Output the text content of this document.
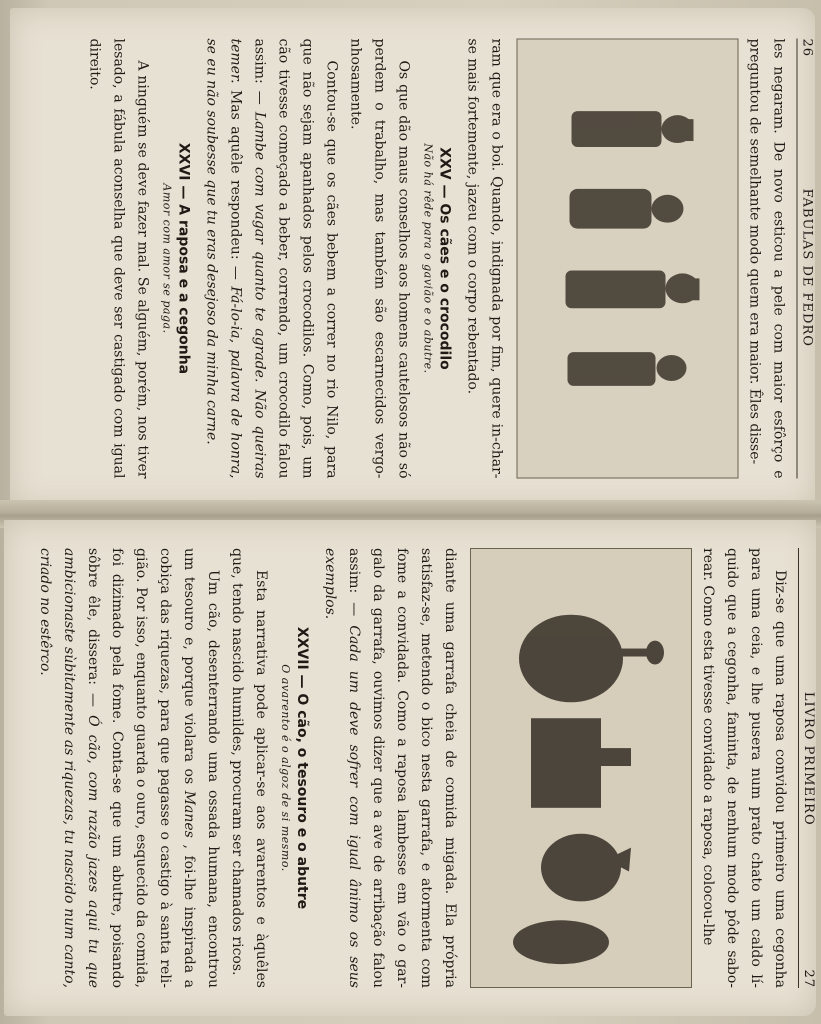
26
FABULAS DE FEDRO

les negaram. De novo esticou a pele com maior esfôrço e preguntou de semelhante modo quem era maior. Êles disse-

ram que era o boi. Quando, indignada por fim, quere in-char-se mais fortemente, jazeu com o corpo rebentado.

XXV — Os cães e o crocodilo
Não há rêde para o gavião e o abutre.

Os que dão maus conselhos aos homens cautelosos não só perdem o trabalho, mas também são escarnecidos vergo-nhosamente.

Contou-se que os cães bebem a correr no rio Nilo, para que não sejam apanhados pelos crocodilos. Como, pois, um cão tivesse começado a beber, correndo, um crocodilo falou assim: — Lambe com vagar quanto te agrade. Não queiras temer. Mas aquêle respondeu: — Fá-lo-ia, palavra de honra, se eu não soubesse que tu eras desejoso da minha carne.

XXVI — A raposa e a cegonha
Amor com amor se paga.

A ninguém se deve fazer mal. Se alguém, porém, nos tiver lesado, a fábula aconselha que deve ser castigado com igual direito.

LIVRO PRIMEIRO
27

Diz-se que uma raposa convidou primeiro uma cegonha para uma ceia, e lhe pusera num prato chato um caldo lí-quido que a cegonha, faminta, de nenhum modo pôde sabo-rear. Como esta tivesse convidado a raposa, colocou-lhe

diante uma garrafa cheia de comida migada. Ela própria satisfaz-se, metendo o bico nesta garrafa, e atormenta com fome a convidada. Como a raposa lambesse em vão o gar-galo da garrafa, ouvimos dizer que a ave de arribação falou assim: — Cada um deve sofrer com igual ânimo os seus exemplos.

XXVII — O cão, o tesouro e o abutre
O avarento é o algoz de si mesmo.

Esta narrativa pode aplicar-se aos avarentos e àquêles que, tendo nascido humildes, procuram ser chamados ricos.

Um cão, desenterrando uma ossada humana, encontrou um tesouro e, porque violara os Manes , foi-lhe inspirada a cobiça das riquezas, para que pagasse o castigo à santa reli-gião. Por isso, enquanto guarda o ouro, esquecido da comida, foi dizimado pela fome. Conta-se que um abutre, poisando sôbre êle, dissera: — Ó cão, com razão jazes aqui tu que ambicionaste sùbitamente as riquezas, tu nascido num canto, criado no estêrco.
